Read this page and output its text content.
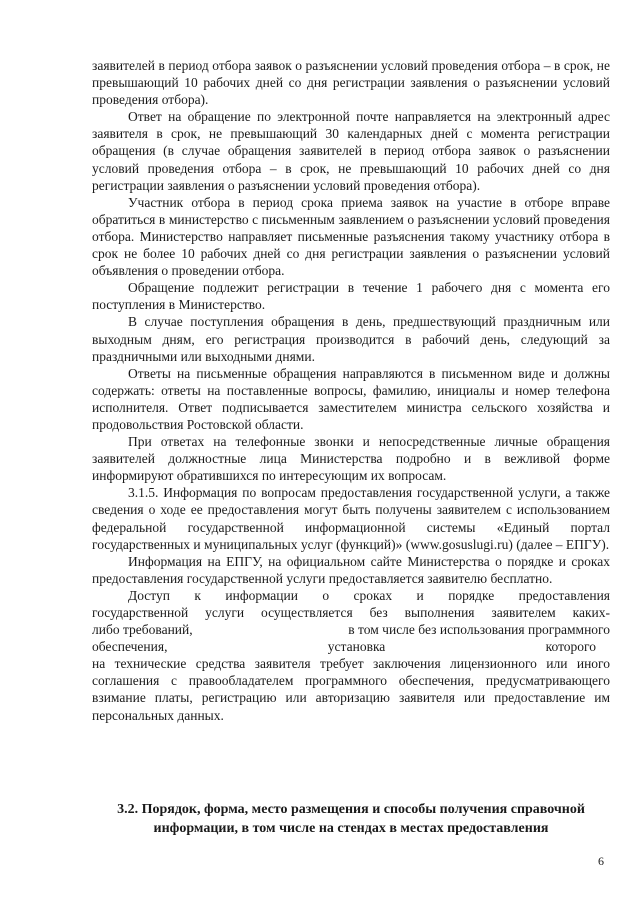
заявителей в период отбора заявок о разъяснении условий проведения отбора – в срок, не превышающий 10 рабочих дней со дня регистрации заявления о разъяснении условий проведения отбора).

Ответ на обращение по электронной почте направляется на электронный адрес заявителя в срок, не превышающий 30 календарных дней с момента регистрации обращения (в случае обращения заявителей в период отбора заявок о разъяснении условий проведения отбора – в срок, не превышающий 10 рабочих дней со дня регистрации заявления о разъяснении условий проведения отбора).

Участник отбора в период срока приема заявок на участие в отборе вправе обратиться в министерство с письменным заявлением о разъяснении условий проведения отбора. Министерство направляет письменные разъяснения такому участнику отбора в срок не более 10 рабочих дней со дня регистрации заявления о разъяснении условий объявления о проведении отбора.

Обращение подлежит регистрации в течение 1 рабочего дня с момента его поступления в Министерство.

В случае поступления обращения в день, предшествующий праздничным или выходным дням, его регистрация производится в рабочий день, следующий за праздничными или выходными днями.

Ответы на письменные обращения направляются в письменном виде и должны содержать: ответы на поставленные вопросы, фамилию, инициалы и номер телефона исполнителя. Ответ подписывается заместителем министра сельского хозяйства и продовольствия Ростовской области.

При ответах на телефонные звонки и непосредственные личные обращения заявителей должностные лица Министерства подробно и в вежливой форме информируют обратившихся по интересующим их вопросам.

3.1.5. Информация по вопросам предоставления государственной услуги, а также сведения о ходе ее предоставления могут быть получены заявителем с использованием федеральной государственной информационной системы «Единый портал государственных и муниципальных услуг (функций)» (www.gosuslugi.ru) (далее – ЕПГУ).

Информация на ЕПГУ, на официальном сайте Министерства о порядке и сроках предоставления государственной услуги предоставляется заявителю бесплатно.

Доступ к информации о сроках и порядке предоставления

государственной услуги осуществляется без выполнения заявителем каких-

либо требований,	в том числе без использования программного
обеспечения,	установка	которого

на технические средства заявителя требует заключения лицензионного или иного соглашения с правообладателем программного обеспечения, предусматривающего взимание платы, регистрацию или авторизацию заявителя или предоставление им персональных данных.

3.2. Порядок, форма, место размещения и способы получения справочной информации, в том числе на стендах в местах предоставления
6
